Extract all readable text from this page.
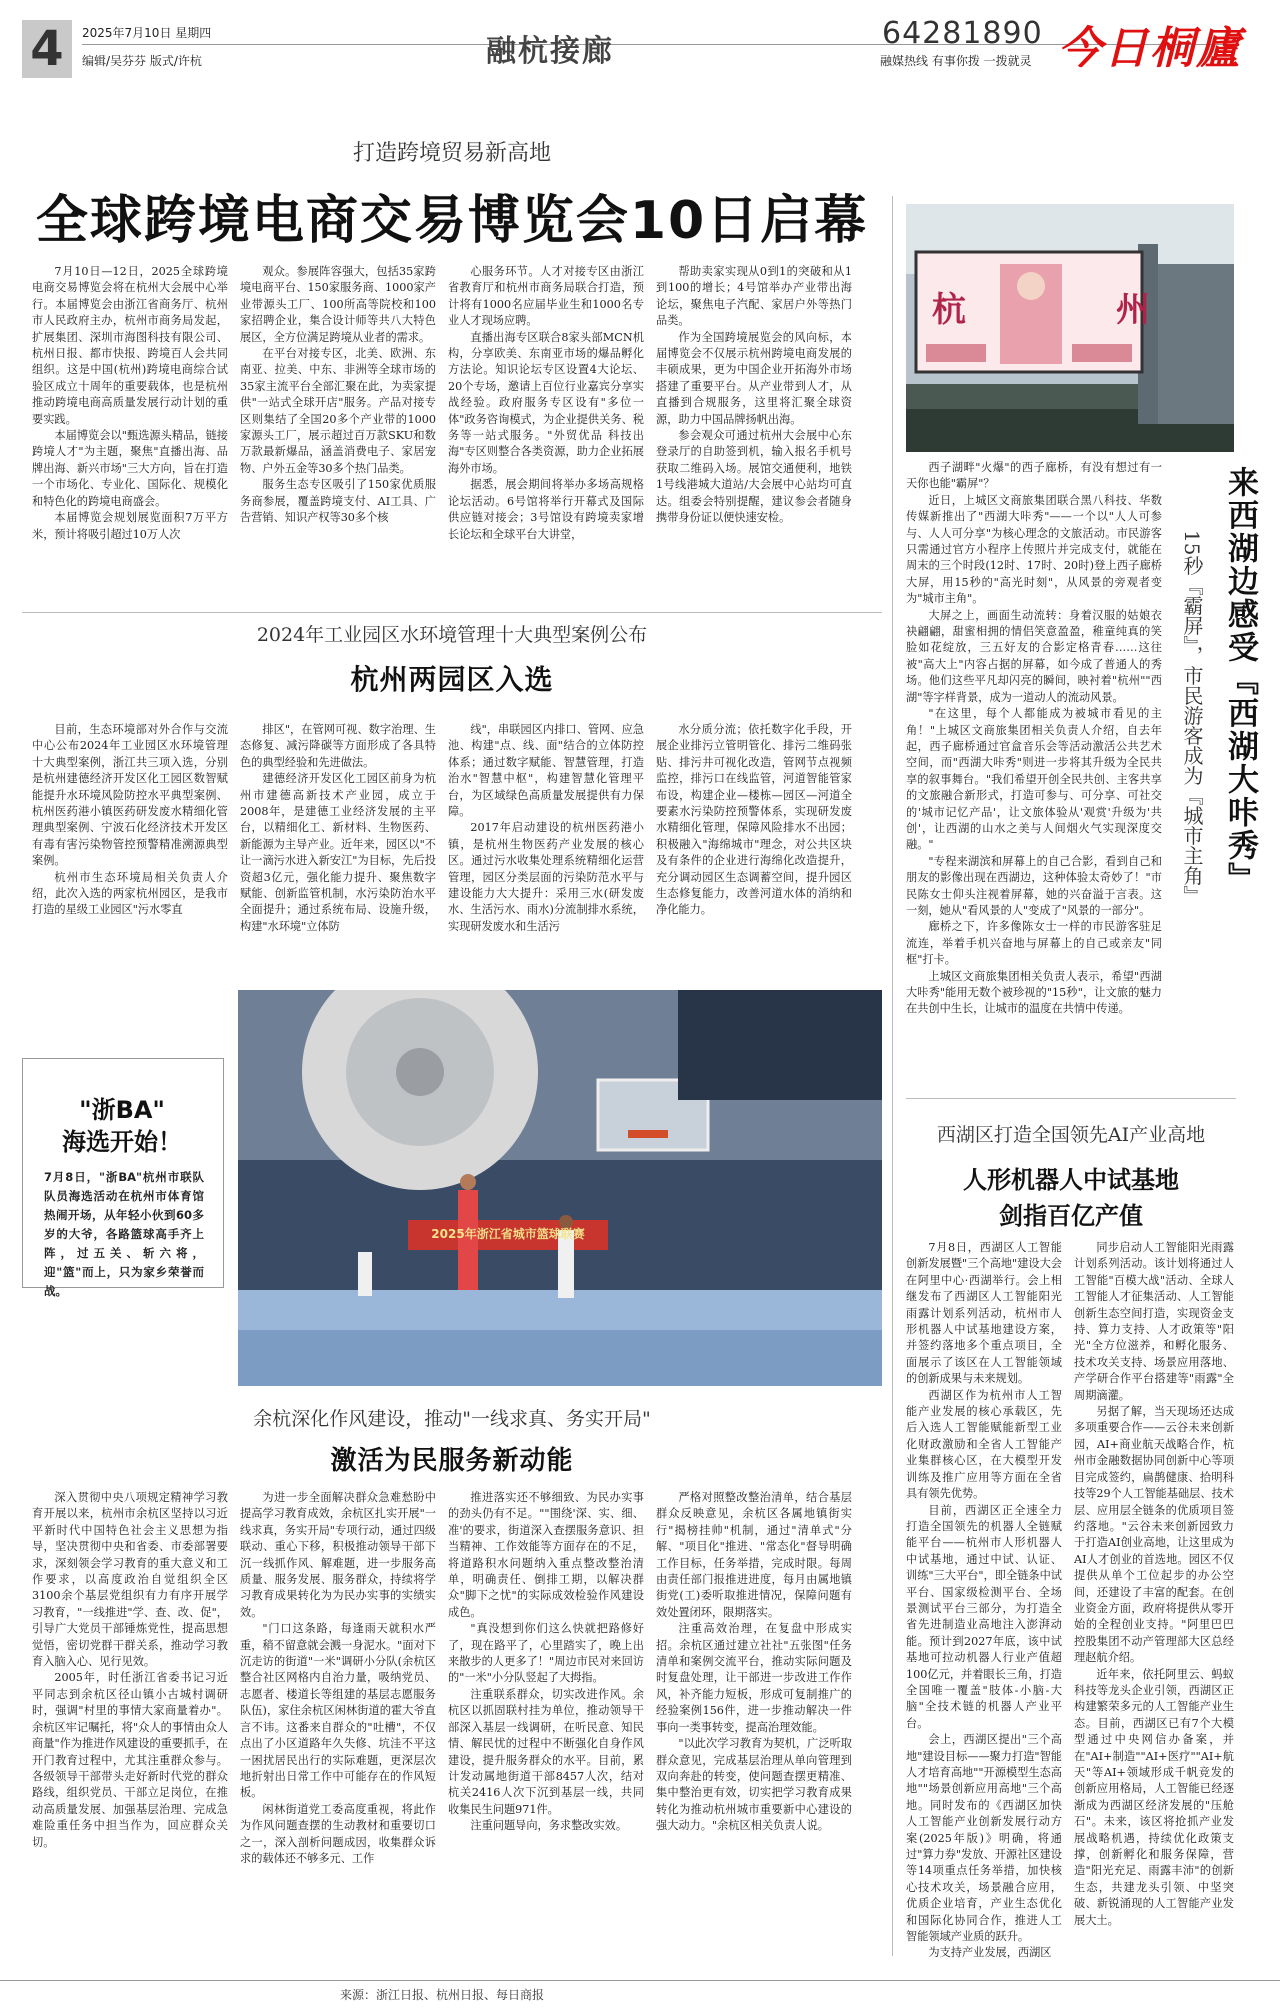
4	2025年7月10日 星期四
编辑/吴芬芬 版式/许杭	融杭接廊
64281890
融媒热线 有事你拨 一拨就灵 今日桐廬
打造跨境贸易新高地
全球跨境电商交易博览会10日启幕

7月10日—12日，2025全球跨境电商交易博览会将在杭州大会展中心举行。本届博览会由浙江省商务厅、杭州市人民政府主办，杭州市商务局发起，扩展集团、深圳市海图科技有限公司、杭州日报、都市快报、跨境百人会共同组织。这是中国(杭州)跨境电商综合试验区成立十周年的重要载体，也是杭州推动跨境电商高质量发展行动计划的重要实践。

本届博览会以"甄选源头精品，链接跨境人才"为主题，聚焦"直播出海、品牌出海、新兴市场"三大方向，旨在打造一个市场化、专业化、国际化、规模化和特色化的跨境电商盛会。

本届博览会规划展览面积7万平方米，预计将吸引超过10万人次

观众。参展阵容强大，包括35家跨境电商平台、150家服务商、1000家产业带源头工厂、100所高等院校和100家招聘企业，集合设计师等共八大特色展区，全方位满足跨境从业者的需求。

在平台对接专区，北美、欧洲、东南亚、拉美、中东、非洲等全球市场的35家主流平台全部汇聚在此，为卖家提供"一站式全球开店"服务。产品对接专区则集结了全国20多个产业带的1000家源头工厂，展示超过百万款SKU和数万款最新爆品，涵盖消费电子、家居宠物、户外五金等30多个热门品类。

服务生态专区吸引了150家优质服务商参展，覆盖跨境支付、AI工具、广告营销、知识产权等30多个核

心服务环节。人才对接专区由浙江省教育厅和杭州市商务局联合打造，预计将有1000名应届毕业生和1000名专业人才现场应聘。

直播出海专区联合8家头部MCN机构，分享欧美、东南亚市场的爆品孵化方法论。知识论坛专区设置4大论坛、20个专场，邀请上百位行业嘉宾分享实战经验。政府服务专区设有"多位一体"政务咨询模式，为企业提供关务、税务等一站式服务。"外贸优品 科技出海"专区则整合各类资源，助力企业拓展海外市场。

据悉，展会期间将举办多场高规格论坛活动。6号馆将举行开幕式及国际供应链对接会；3号馆设有跨境卖家增长论坛和全球平台大讲堂，

帮助卖家实现从0到1的突破和从1到100的增长；4号馆举办产业带出海论坛，聚焦电子汽配、家居户外等热门品类。

作为全国跨境展览会的风向标，本届博览会不仅展示杭州跨境电商发展的丰硕成果，更为中国企业开拓海外市场搭建了重要平台。从产业带到人才，从直播到合规服务，这里将汇聚全球资源，助力中国品牌扬帆出海。

参会观众可通过杭州大会展中心东登录厅的自助签到机，输入报名手机号获取二维码入场。展馆交通便利，地铁1号线港城大道站/大会展中心站均可直达。组委会特别提醒，建议参会者随身携带身份证以便快速安检。

杭	州

西子湖畔"火爆"的西子廊桥，有没有想过有一天你也能"霸屏"？

近日，上城区文商旅集团联合黑八科技、华数传媒新推出了"西湖大咔秀"——一个以"人人可参与、人人可分享"为核心理念的文旅活动。市民游客只需通过官方小程序上传照片并完成支付，就能在周末的三个时段(12时、17时、20时)登上西子廊桥大屏，用15秒的"高光时刻"，从风景的旁观者变为"城市主角"。

大屏之上，画面生动流转：身着汉服的姑娘衣袂翩翩，甜蜜相拥的情侣笑意盈盈，稚童纯真的笑脸如花绽放，三五好友的合影定格青春……这往被"高大上"内容占据的屏幕，如今成了普通人的秀场。他们这些平凡却闪亮的瞬间，映衬着"杭州""西湖"等字样背景，成为一道动人的流动风景。

"在这里，每个人都能成为被城市看见的主角！"上城区文商旅集团相关负责人介绍，自去年起，西子廊桥通过官盒音乐会等活动激活公共艺术空间，而"西湖大咔秀"则进一步将其升级为全民共享的叙事舞台。"我们希望开创全民共创、主客共享的文旅融合新形式，打造可参与、可分享、可社交的'城市记忆产品'，让文旅体验从'观赏'升级为'共创'，让西湖的山水之美与人间烟火气实现深度交融。"

"专程来湖滨和屏幕上的自己合影，看到自己和朋友的影像出现在西湖边，这种体验太奇妙了！"市民陈女士仰头注视着屏幕，她的兴奋溢于言表。这一刻，她从"看风景的人"变成了"风景的一部分"。

廊桥之下，许多像陈女士一样的市民游客驻足流连，举着手机兴奋地与屏幕上的自己或亲友"同框"打卡。

上城区文商旅集团相关负责人表示，希望"西湖大咔秀"能用无数个被珍视的"15秒"，让文旅的魅力在共创中生长，让城市的温度在共情中传递。

来西湖边感受『西湖大咔秀』
15秒『霸屏』，市民游客成为『城市主角』
西湖区打造全国领先AI产业高地
人形机器人中试基地
剑指百亿产值

7月8日，西湖区人工智能创新发展暨"三个高地"建设大会在阿里中心·西湖举行。会上相继发布了西湖区人工智能阳光雨露计划系列活动，杭州市人形机器人中试基地建设方案，并签约落地多个重点项目，全面展示了该区在人工智能领域的创新成果与未来规划。

西湖区作为杭州市人工智能产业发展的核心承载区，先后入选人工智能赋能新型工业化财政激励和全省人工智能产业集群核心区，在大模型开发训练及推广应用等方面在全省具有领先优势。

目前，西湖区正全速全力打造全国领先的机器人全链赋能平台——杭州市人形机器人中试基地，通过中试、认证、训练"三大平台"，即全链条中试平台、国家级检测平台、全场景测试平台三部分，为打造全省先进制造业高地注入澎湃动能。预计到2027年底，该中试基地可拉动机器人行业产值超100亿元，并着眼长三角，打造全国唯一覆盖"肢体-小脑-大脑"全技术链的机器人产业平台。

会上，西湖区提出"三个高地"建设目标——聚力打造"智能人才培育高地""开源模型生态高地""场景创新应用高地"三个高地。同时发布的《西湖区加快人工智能产业创新发展行动方案(2025年版)》明确，将通过"算力券"发放、开源社区建设等14项重点任务举措，加快核心技术攻关，场景融合应用，优质企业培育，产业生态优化和国际化协同合作，推进人工智能领域产业质的跃升。

为支持产业发展，西湖区

同步启动人工智能阳光雨露计划系列活动。该计划将通过人工智能"百模大战"活动、全球人工智能人才征集活动、人工智能创新生态空间打造，实现资金支持、算力支持、人才政策等"阳光"全方位滋养，和孵化服务、技术攻关支持、场景应用落地、产学研合作平台搭建等"雨露"全周期滴灌。

另据了解，当天现场还达成多项重要合作——云谷未来创新园，AI+商业航天战略合作，杭州市金融数据协同创新中心等项目完成签约，扁鹊健康、拾明科技等29个人工智能基础层、技术层、应用层全链条的优质项目签约落地。"云谷未来创新园致力于打造AI创业高地，让这里成为AI人才创业的首选地。园区不仅提供从单个工位起步的办公空间，还建设了丰富的配套。在创业资金方面，政府将提供从零开始的全程创业支持。"阿里巴巴控股集团不动产管理部大区总经理赵航介绍。

近年来，依托阿里云、蚂蚁科技等龙头企业引领，西湖区正构建繁荣多元的人工智能产业生态。目前，西湖区已有7个大模型通过中央网信办备案，并在"AI+制造""AI+医疗""AI+航天"等AI+领域形成千帆竞发的创新应用格局，人工智能已经逐渐成为西湖区经济发展的"压舱石"。未来，该区将抢抓产业发展战略机遇，持续优化政策支撑，创新孵化和服务保障，营造"阳光充足、雨露丰沛"的创新生态，共建龙头引领、中坚突破、新锐涌现的人工智能产业发展大土。

2024年工业园区水环境管理十大典型案例公布
杭州两园区入选

目前，生态环境部对外合作与交流中心公布2024年工业园区水环境管理十大典型案例，浙江共三项入选，分别是杭州建德经济开发区化工园区数智赋能提升水环境风险防控水平典型案例、杭州医药港小镇医药研发废水精细化管理典型案例、宁波石化经济技术开发区有毒有害污染物管控预警精准溯源典型案例。

杭州市生态环境局相关负责人介绍，此次入选的两家杭州园区，是我市打造的星级工业园区"污水零直

排区"，在管网可视、数字治理、生态修复、减污降碳等方面形成了各具特色的典型经验和先进做法。

建德经济开发区化工园区前身为杭州市建德高新技术产业园，成立于2008年，是建德工业经济发展的主平台，以精细化工、新材料、生物医药、新能源为主导产业。近年来，园区以"不让一滴污水进入新安江"为目标，先后投资超3亿元，强化能力提升、聚焦数字赋能、创新监管机制，水污染防治水平全面提升；通过系统布局、设施升级，构建"水环境"立体防

线"，串联园区内排口、管网、应急池、构建"点、线、面"结合的立体防控体系；通过数字赋能、智慧管理，打造治水"智慧中枢"，构建智慧化管理平台，为区域绿色高质量发展提供有力保障。

2017年启动建设的杭州医药港小镇，是杭州生物医药产业发展的核心区。通过污水收集处理系统精细化运营管理，园区分类层面的污染防范水平与建设能力大大提升：采用三水(研发废水、生活污水、雨水)分流制排水系统，实现研发废水和生活污

水分质分流；依托数字化手段，开展企业排污立管明管化、排污二维码张贴、排污井可视化改造，管网节点视频监控，排污口在线监管，河道智能管家布设，构建企业—楼栋—园区—河道全要素水污染防控预警体系，实现研发废水精细化管理，保障风险排水不出园；积极融入"海绵城市"理念，对公共区块及有条件的企业进行海绵化改造提升，充分调动园区生态调蓄空间，提升园区生态修复能力，改善河道水体的消纳和净化能力。

"浙BA"
海选开始！
7月8日，"浙BA"杭州市联队队员海选活动在杭州市体育馆热闹开场，从年轻小伙到60多岁的大爷，各路篮球高手齐上阵，过五关、斩六将，迎"篮"而上，只为家乡荣誉而战。
2025年浙江省城市篮球联赛
余杭深化作风建设，推动"一线求真、务实开局"
激活为民服务新动能

深入贯彻中央八项规定精神学习教育开展以来，杭州市余杭区坚持以习近平新时代中国特色社会主义思想为指导，坚决贯彻中央和省委、市委部署要求，深刻领会学习教育的重大意义和工作要求，以高度政治自觉组织全区3100余个基层党组织有力有序开展学习教育，"一线推进"学、查、改、促"，引导广大党员干部锤炼党性，提高思想觉悟，密切党群干群关系，推动学习教育入脑入心、见行见效。

2005年，时任浙江省委书记习近平同志到余杭区径山镇小古城村调研时，强调"村里的事情大家商量着办"。余杭区牢记嘱托，将"众人的事情由众人商量"作为推进作风建设的重要抓手，在开门教育过程中，尤其注重群众参与。各级领导干部带头走好新时代党的群众路线，组织党员、干部立足岗位，在推动高质量发展、加强基层治理、完成急难险重任务中担当作为，回应群众关切。

为进一步全面解决群众急难愁盼中提高学习教育成效，余杭区扎实开展"一线求真，务实开局"专项行动，通过四级联动、重心下移，积极推动领导干部下沉一线抓作风、解难题，进一步服务高质量、服务发展、服务群众，持续将学习教育成果转化为为民办实事的实绩实效。

"门口这条路，每逢雨天就积水严重，稍不留意就会溅一身泥水。"面对下沉走访的街道"一米"调研小分队(余杭区整合社区网格内自治力量，吸纳党员、志愿者、楼道长等组建的基层志愿服务队伍)，家住余杭区闲林街道的霍大爷直言不讳。这番来自群众的"吐槽"，不仅点出了小区道路年久失修、坑洼不平这一困扰居民出行的实际难题，更深层次地折射出日常工作中可能存在的作风短板。

闲林街道党工委高度重视，将此作为作风问题查摆的生动教材和重要切口之一，深入剖析问题成因，收集群众诉求的载体还不够多元、工作

推进落实还不够细致、为民办实事的劲头仍有不足。""围绕'深、实、细、准'的要求，街道深入查摆服务意识、担当精神、工作效能等方面存在的不足，将道路积水问题纳入重点整改整治清单，明确责任、倒排工期，以解决群众"脚下之忧"的实际成效检验作风建设成色。

"真没想到你们这么快就把路修好了，现在路平了，心里踏实了，晚上出来散步的人更多了！"周边市民对来回访的"一米"小分队竖起了大拇指。

注重联系群众，切实改进作风。余杭区以抓固联村挂为单位，推动领导干部深入基层一线调研，在听民意、知民情、解民忧的过程中不断强化自身作风建设，提升服务群众的水平。目前，累计发动属地街道干部8457人次，结对杭关2416人次下沉到基层一线，共同收集民生问题971件。

注重问题导向，务求整改实效。

严格对照整改整治清单，结合基层群众反映意见，余杭区各属地镇街实行"揭榜挂帅"机制，通过"清单式"分解、"项目化"推进、"常态化"督导明确工作目标，任务举措，完成时限。每周由责任部门报推进进度，每月由属地镇街党(工)委听取推进情况，保障问题有效处置闭环，限期落实。

注重高效治理，在复盘中形成实招。余杭区通过建立社社"五张图"任务清单和案例交流平台，推动实际问题及时复盘处理，让干部进一步改进工作作风，补齐能力短板，形成可复制推广的经验案例156件，进一步推动解决一件事向一类事转变，提高治理效能。

"以此次学习教育为契机，广泛听取群众意见，完成基层治理从单向管理到双向奔赴的转变，使问题查摆更精准、集中整治更有效，切实把学习教育成果转化为推动杭州城市重要新中心建设的强大动力。"余杭区相关负责人说。

来源：浙江日报、杭州日报、每日商报
